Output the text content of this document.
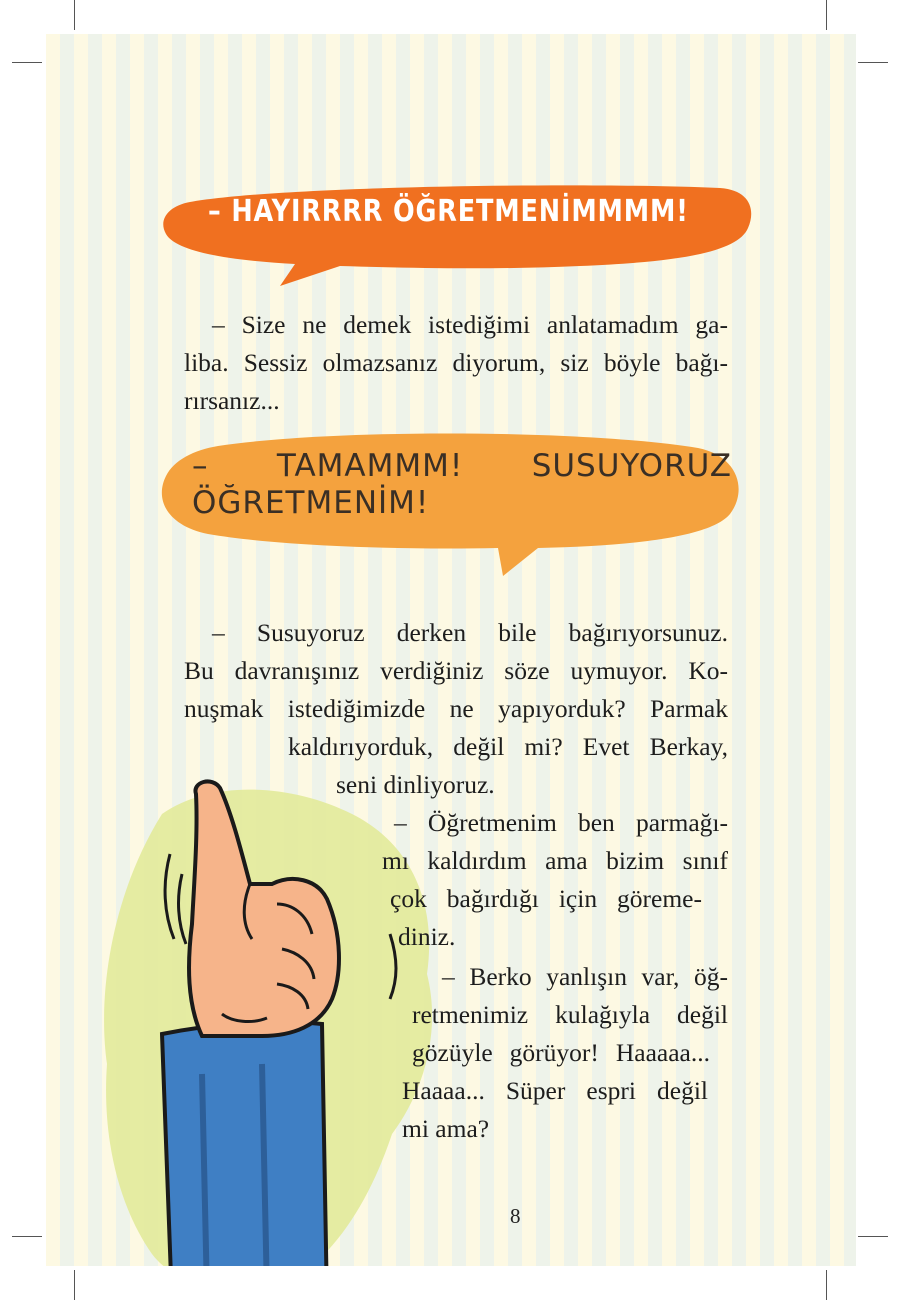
– HAYIRRRR ÖĞRETMENİMMMM!
– Size ne demek istediğimi anlatamadım ga-
liba. Sessiz olmazsanız diyorum, siz böyle bağı-
rırsanız...
– TAMAMMM! SUSUYORUZ
ÖĞRETMENİM!
– Susuyoruz derken bile bağırıyorsunuz.
Bu davranışınız verdiğiniz söze uymuyor. Ko-
nuşmak istediğimizde ne yapıyorduk? Parmak
kaldırıyorduk, değil mi? Evet Berkay,
seni dinliyoruz.
– Öğretmenim ben parmağı-
mı kaldırdım ama bizim sınıf
çok bağırdığı için göreme-
diniz.
– Berko yanlışın var, öğ-
retmenimiz kulağıyla değil
gözüyle görüyor! Haaaaa...
Haaaa... Süper espri değil
mi ama?
8
